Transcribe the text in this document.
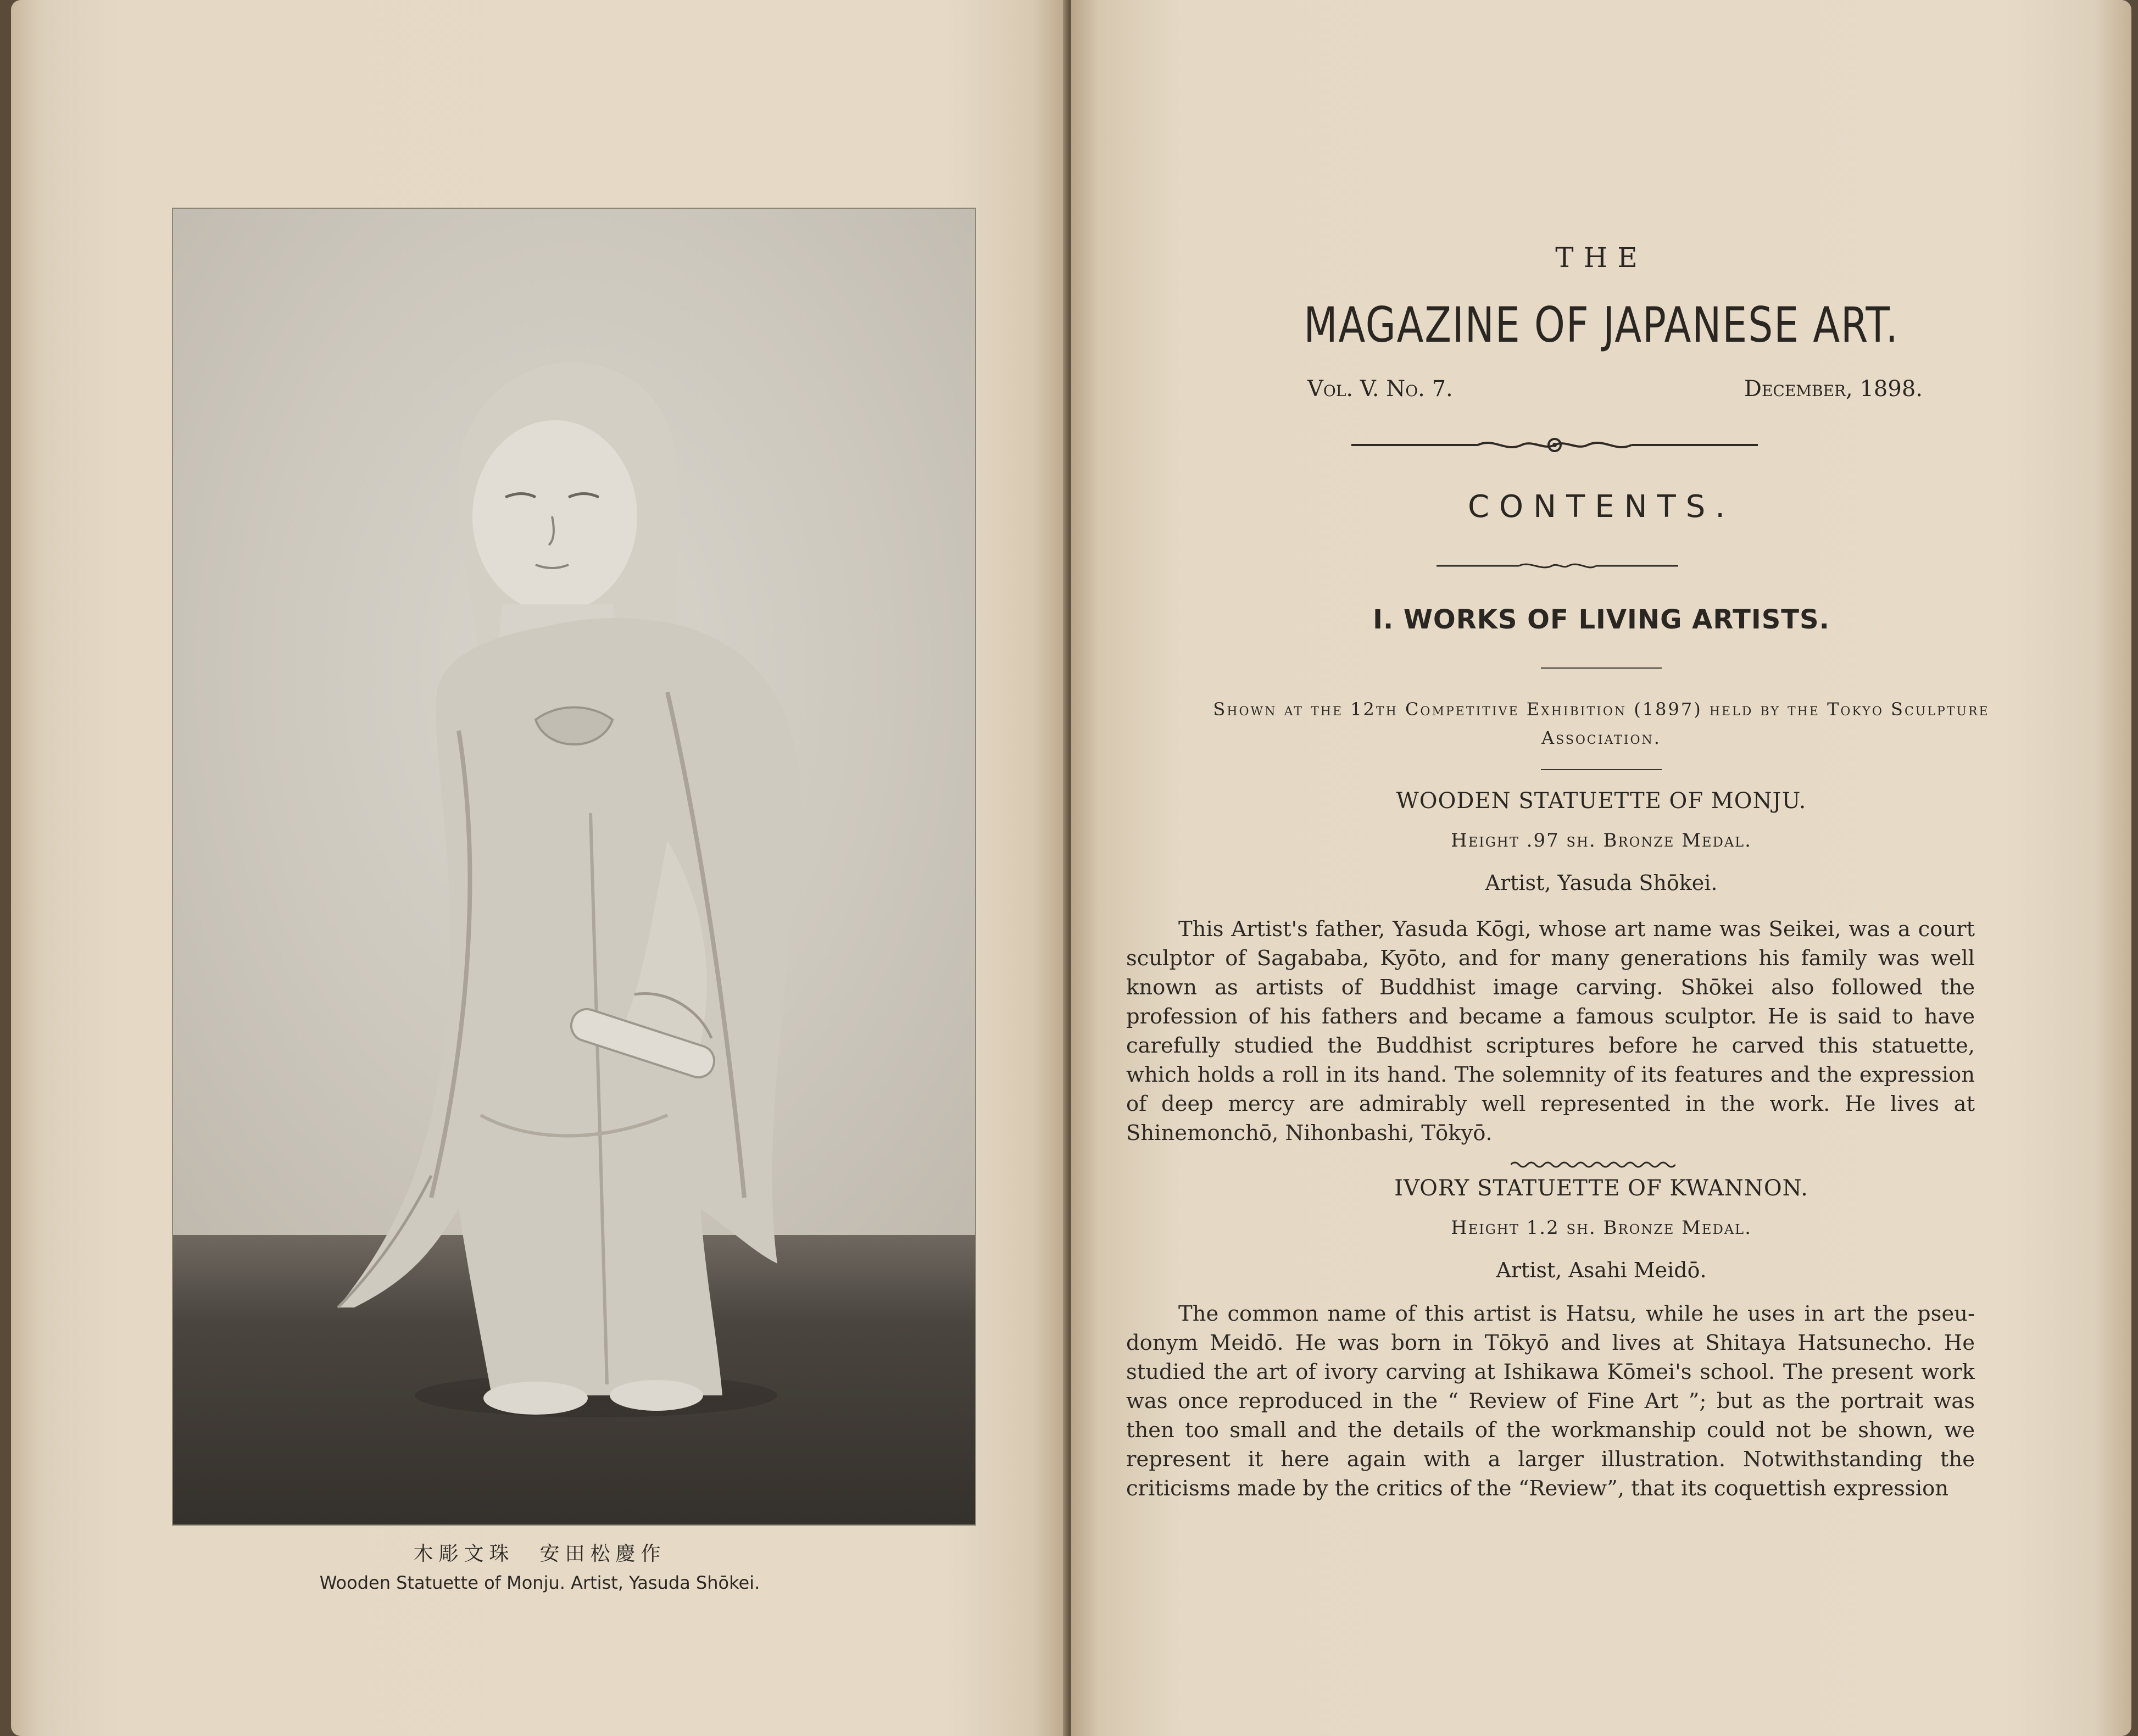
木彫文珠　安田松慶作
Wooden Statuette of Monju. Artist, Yasuda Shōkei.
THE
MAGAZINE OF JAPANESE ART.
Vol. V. No. 7.	December, 1898.
CONTENTS.
I. WORKS OF LIVING ARTISTS.
Shown at the 12th Competitive Exhibition (1897) held by the Tokyo Sculpture Association.
WOODEN STATUETTE OF MONJU.
Height .97 sh. Bronze Medal.
Artist, Yasuda Shōkei.
This Artist's father, Yasuda Kōgi, whose art name was Seikei, was a court sculptor of Sagababa, Kyōto, and for many generations his family was well known as artists of Buddhist image carving. Shōkei also followed the profession of his fathers and became a famous sculptor. He is said to have carefully studied the Buddhist scriptures before he carved this statuette, which holds a roll in its hand. The solemnity of its features and the expression of deep mercy are admirably well represented in the work. He lives at Shinemonchō, Nihonbashi, Tōkyō.
IVORY STATUETTE OF KWANNON.
Height 1.2 sh. Bronze Medal.
Artist, Asahi Meidō.
The common name of this artist is Hatsu, while he uses in art the pseudonym Meidō. He was born in Tōkyō and lives at Shitaya Hatsunecho. He studied the art of ivory carving at Ishikawa Kōmei's school. The present work was once reproduced in the “ Review of Fine Art ”; but as the portrait was then too small and the details of the workmanship could not be shown, we represent it here again with a larger illustration. Notwithstanding the criticisms made by the critics of the “Review”, that its coquettish expression
